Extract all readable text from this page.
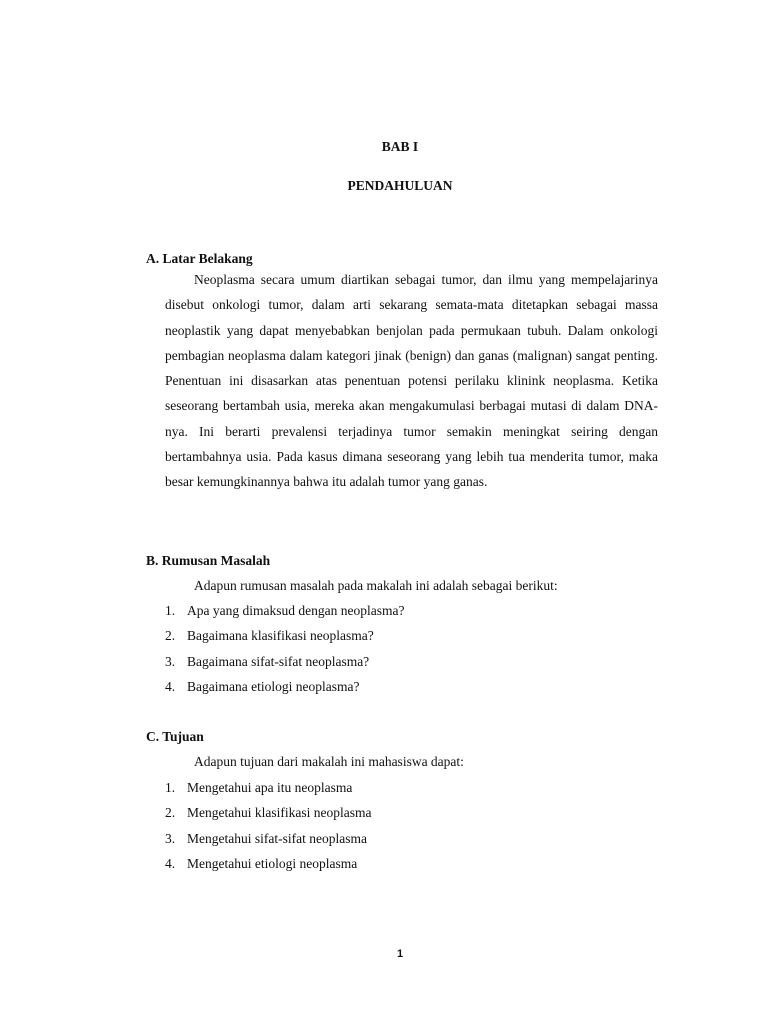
BAB I
PENDAHULUAN
A. Latar Belakang

Neoplasma secara umum diartikan sebagai tumor, dan ilmu yang mempelajarinya disebut onkologi tumor, dalam arti sekarang semata-mata ditetapkan sebagai massa neoplastik yang dapat menyebabkan benjolan pada permukaan tubuh. Dalam onkologi pembagian neoplasma dalam kategori jinak (benign) dan ganas (malignan) sangat penting. Penentuan ini disasarkan atas penentuan potensi perilaku klinink neoplasma. Ketika seseorang bertambah usia, mereka akan mengakumulasi berbagai mutasi di dalam DNA-nya. Ini berarti prevalensi terjadinya tumor semakin meningkat seiring dengan bertambahnya usia. Pada kasus dimana seseorang yang lebih tua menderita tumor, maka besar kemungkinannya bahwa itu adalah tumor yang ganas.

B. Rumusan Masalah
Adapun rumusan masalah pada makalah ini adalah sebagai berikut:
1. Apa yang dimaksud dengan neoplasma?
2. Bagaimana klasifikasi neoplasma?
3. Bagaimana sifat-sifat neoplasma?
4. Bagaimana etiologi neoplasma?
C. Tujuan
Adapun tujuan dari makalah ini mahasiswa dapat:
1. Mengetahui apa itu neoplasma
2. Mengetahui klasifikasi neoplasma
3. Mengetahui sifat-sifat neoplasma
4. Mengetahui etiologi neoplasma
1
